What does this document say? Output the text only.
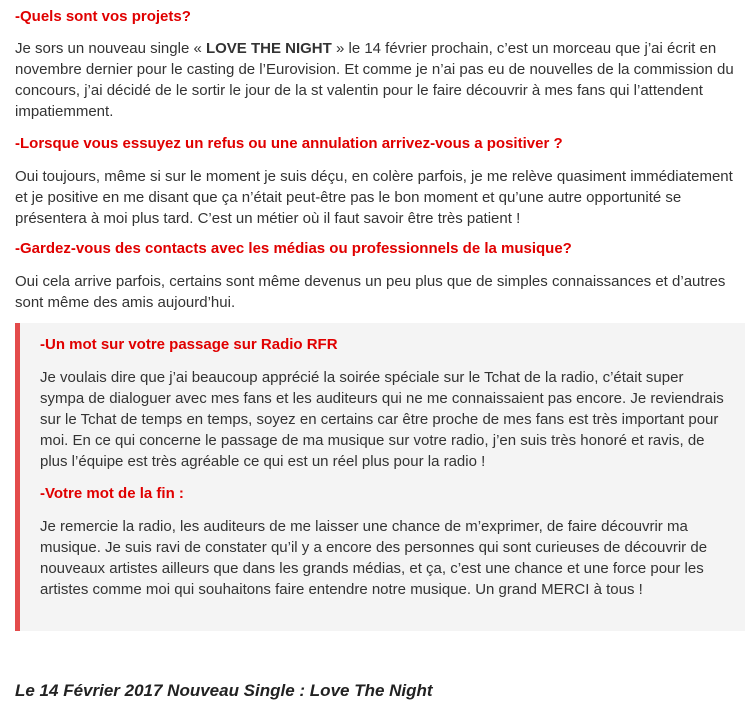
-Quels sont vos projets?

Je sors un nouveau single « LOVE THE NIGHT » le 14 février prochain, c’est un morceau que j’ai écrit en novembre dernier pour le casting de l’Eurovision. Et comme je n’ai pas eu de nouvelles de la commission du concours, j’ai décidé de le sortir le jour de la st valentin pour le faire découvrir à mes fans qui l’attendent impatiemment.

-Lorsque vous essuyez un refus ou une annulation arrivez-vous a positiver ?

Oui toujours, même si sur le moment je suis déçu, en colère parfois, je me relève quasiment immédiatement et je positive en me disant que ça n’était peut-être pas le bon moment et qu’une autre opportunité se présentera à moi plus tard. C’est un métier où il faut savoir être très patient !

-Gardez-vous des contacts avec les médias ou professionnels de la musique?

Oui cela arrive parfois, certains sont même devenus un peu plus que de simples connaissances et d’autres sont même des amis aujourd’hui.

-Un mot sur votre passage sur Radio RFR

Je voulais dire que j’ai beaucoup apprécié la soirée spéciale sur le Tchat de la radio, c’était super sympa de dialoguer avec mes fans et les auditeurs qui ne me connaissaient pas encore. Je reviendrais sur le Tchat de temps en temps, soyez en certains car être proche de mes fans est très important pour moi. En ce qui concerne le passage de ma musique sur votre radio, j’en suis très honoré et ravis, de plus l’équipe est très agréable ce qui est un réel plus pour la radio !

-Votre mot de la fin :

Je remercie la radio, les auditeurs de me laisser une chance de m’exprimer, de faire découvrir ma musique. Je suis ravi de constater qu’il y a encore des personnes qui sont curieuses de découvrir de nouveaux artistes ailleurs que dans les grands médias, et ça, c’est une chance et une force pour les artistes comme moi qui souhaitons faire entendre notre musique. Un grand MERCI à tous !

Le 14 Février 2017 Nouveau Single : Love The Night
